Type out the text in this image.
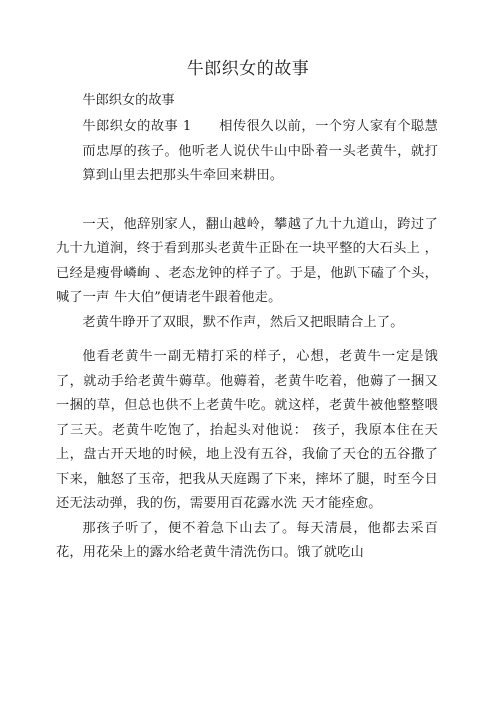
牛郎织女的故事

牛郎织女的故事

牛郎织女的故事 1　　相传很久以前，一个穷人家有个聪慧而忠厚的孩子。他听老人说伏牛山中卧着一头老黄牛，就打算到山里去把那头牛牵回来耕田。

一天，他辞别家人，翻山越岭，攀越了九十九道山，跨过了九十九道涧，终于看到那头老黄牛正卧在一块平整的大石头上 ，已经是瘦骨嶙峋 、老态龙钟的样子了。于是，他趴下磕了个头，喊了一声 牛大伯”便请老牛跟着他走。

老黄牛睁开了双眼，默不作声，然后又把眼睛合上了。

他看老黄牛一副无精打采的样子，心想，老黄牛一定是饿了，就动手给老黄牛薅草。他薅着，老黄牛吃着，他薅了一捆又一捆的草，但总也供不上老黄牛吃。就这样，老黄牛被他整整喂了三天。老黄牛吃饱了，抬起头对他说： 孩子，我原本住在天上，盘古开天地的时候，地上没有五谷，我偷了天仓的五谷撒了下来，触怒了玉帝，把我从天庭踢了下来，摔坏了腿，时至今日还无法动弹，我的伤，需要用百花露水洗 天才能痊愈。

那孩子听了，便不着急下山去了。每天清晨，他都去采百花，用花朵上的露水给老黄牛清洗伤口。饿了就吃山
